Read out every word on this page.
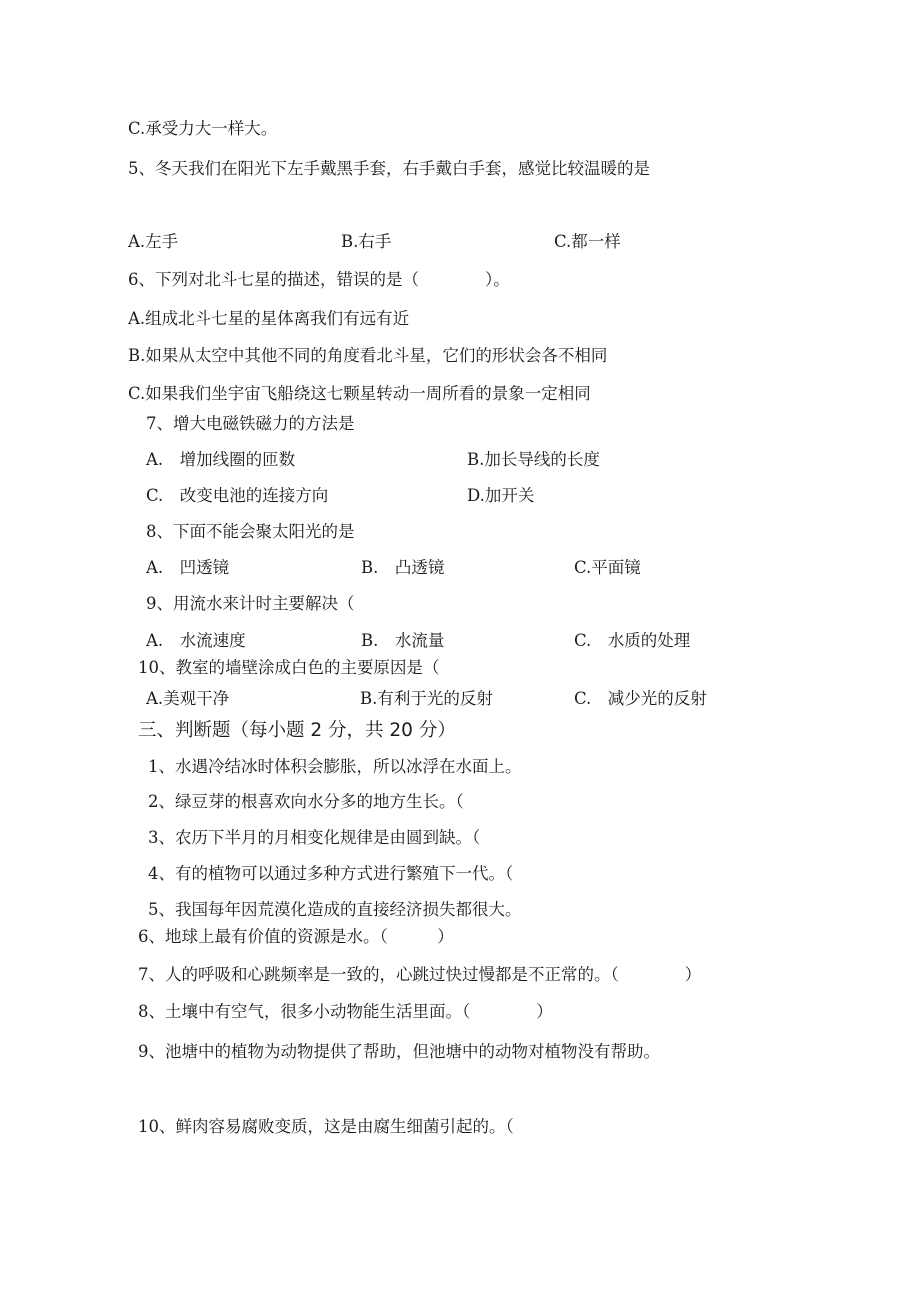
C.承受力大一样大。
5、冬天我们在阳光下左手戴黑手套，右手戴白手套，感觉比较温暖的是
A.左手	B.右手	C.都一样
6、下列对北斗七星的描述，错误的是（　　　　）。
A.组成北斗七星的星体离我们有远有近
B.如果从太空中其他不同的角度看北斗星，它们的形状会各不相同
C.如果我们坐宇宙飞船绕这七颗星转动一周所看的景象一定相同
7、增大电磁铁磁力的方法是
A.　增加线圈的匝数	B.加长导线的长度
C.　改变电池的连接方向	D.加开关
8、下面不能会聚太阳光的是
A.　凹透镜	B.　凸透镜	C.平面镜
9、用流水来计时主要解决（
A.　水流速度	B.　水流量	C.　水质的处理
10、教室的墙壁涂成白色的主要原因是（
A.美观干净	B.有利于光的反射	C.　减少光的反射
三、判断题（每小题 2 分，共 20 分）
1、水遇冷结冰时体积会膨胀，所以冰浮在水面上。
2、绿豆芽的根喜欢向水分多的地方生长。（
3、农历下半月的月相变化规律是由圆到缺。（
4、有的植物可以通过多种方式进行繁殖下一代。（
5、我国每年因荒漠化造成的直接经济损失都很大。
6、地球上最有价值的资源是水。（　　　）
7、人的呼吸和心跳频率是一致的，心跳过快过慢都是不正常的。（　　　　）
8、土壤中有空气，很多小动物能生活里面。（　　　　）
9、池塘中的植物为动物提供了帮助，但池塘中的动物对植物没有帮助。
10、鲜肉容易腐败变质，这是由腐生细菌引起的。（
